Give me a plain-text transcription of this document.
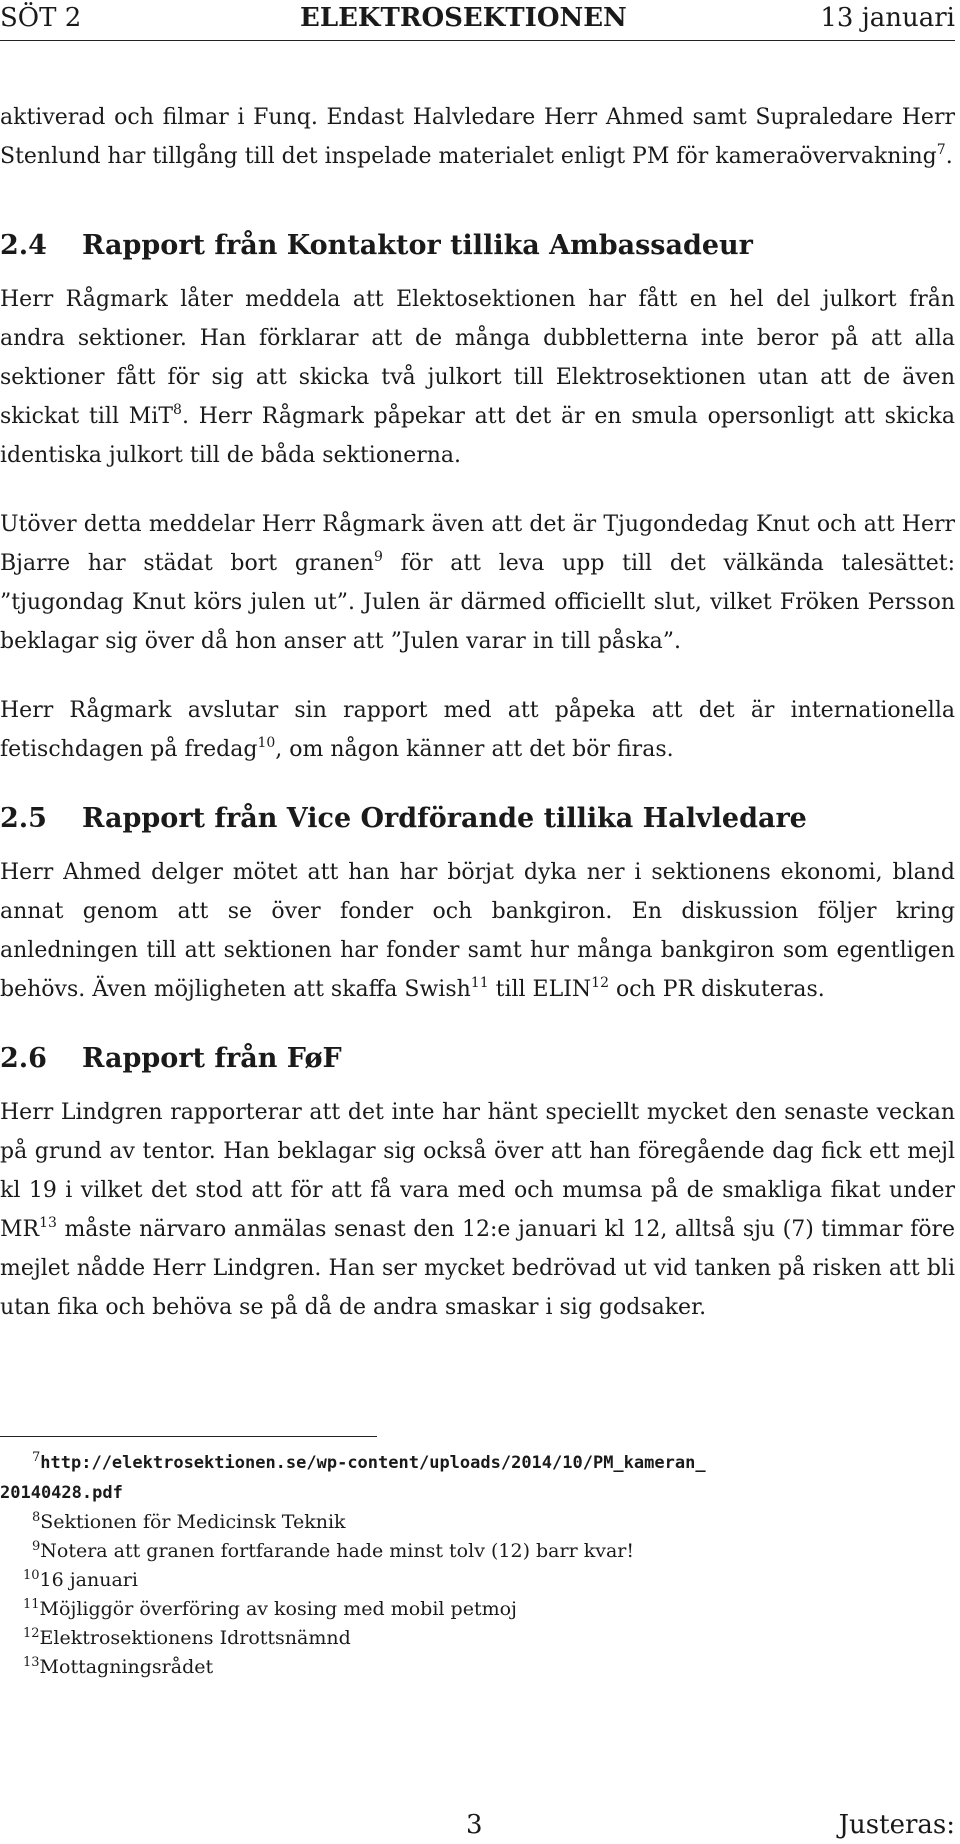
SÖT 2	ELEKTROSEKTIONEN	13 januari

aktiverad och filmar i Funq. Endast Halvledare Herr Ahmed samt Supraledare Herr Stenlund har tillgång till det inspelade materialet enligt PM för kameraövervakning$^7$.

2.4 Rapport från Kontaktor tillika Ambassadeur

Herr Rågmark låter meddela att Elektosektionen har fått en hel del julkort från andra sektioner. Han förklarar att de många dubbletterna inte beror på att alla sektioner fått för sig att skicka två julkort till Elektrosektionen utan att de även skickat till MiT$^8$. Herr Rågmark påpekar att det är en smula opersonligt att skicka identiska julkort till de båda sektionerna.

Utöver detta meddelar Herr Rågmark även att det är Tjugondedag Knut och att Herr Bjarre har städat bort granen$^9$ för att leva upp till det välkända talesättet: ”tjugondag Knut körs julen ut”. Julen är därmed officiellt slut, vilket Fröken Persson beklagar sig över då hon anser att ”Julen varar in till påska”.

Herr Rågmark avslutar sin rapport med att påpeka att det är internationella fetischdagen på fredag$^{10}$, om någon känner att det bör firas.

2.5 Rapport från Vice Ordförande tillika Halvledare

Herr Ahmed delger mötet att han har börjat dyka ner i sektionens ekonomi, bland annat genom att se över fonder och bankgiron. En diskussion följer kring anledningen till att sektionen har fonder samt hur många bankgiron som egentligen behövs. Även möjligheten att skaffa Swish$^{11}$ till ELIN$^{12}$ och PR diskuteras.

2.6 Rapport från FøF

Herr Lindgren rapporterar att det inte har hänt speciellt mycket den senaste veckan på grund av tentor. Han beklagar sig också över att han föregående dag fick ett mejl kl 19 i vilket det stod att för att få vara med och mumsa på de smakliga fikat under MR$^{13}$ måste närvaro anmälas senast den 12:e januari kl 12, alltså sju (7) timmar före mejlet nådde Herr Lindgren. Han ser mycket bedrövad ut vid tanken på risken att bli utan fika och behöva se på då de andra smaskar i sig godsaker.

$^7$http://elektrosektionen.se/wp-content/uploads/2014/10/PM_kameran_
20140428.pdf
$^8$Sektionen för Medicinsk Teknik
$^9$Notera att granen fortfarande hade minst tolv (12) barr kvar!
$^{10}$16 januari
$^{11}$Möjliggör överföring av kosing med mobil petmoj
$^{12}$Elektrosektionens Idrottsnämnd
$^{13}$Mottagningsrådet
3	Justeras:
